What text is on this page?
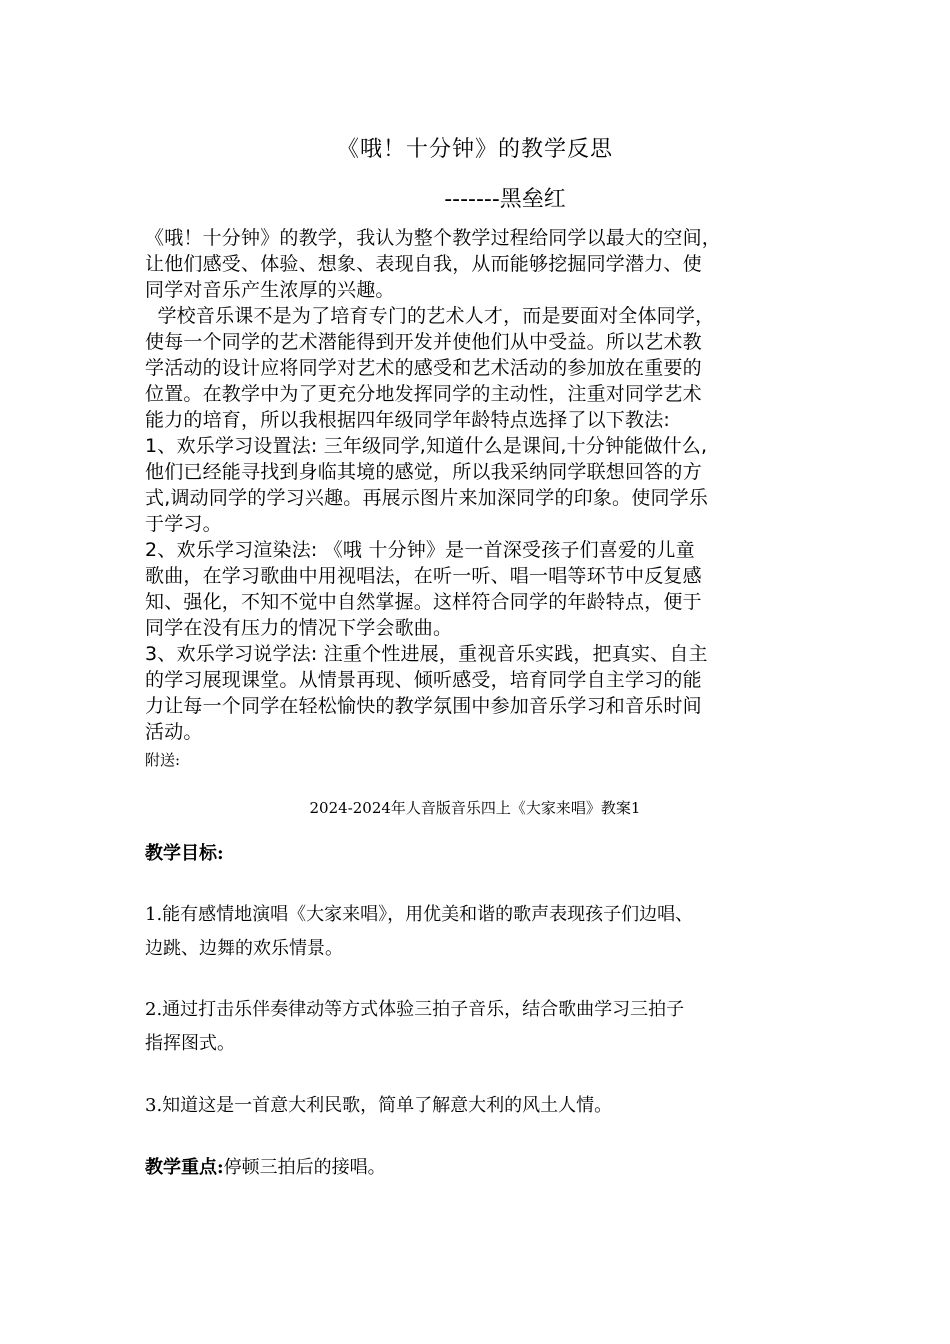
《哦！十分钟》的教学反思
-------黑垒红
《哦！十分钟》的教学，我认为整个教学过程给同学以最大的空间，
让他们感受、体验、想象、表现自我，从而能够挖掘同学潜力、使
同学对音乐产生浓厚的兴趣。
学校音乐课不是为了培育专门的艺术人才，而是要面对全体同学，
使每一个同学的艺术潜能得到开发并使他们从中受益。所以艺术教
学活动的设计应将同学对艺术的感受和艺术活动的参加放在重要的
位置。在教学中为了更充分地发挥同学的主动性，注重对同学艺术
能力的培育，所以我根据四年级同学年龄特点选择了以下教法:
1、欢乐学习设置法: 三年级同学,知道什么是课间,十分钟能做什么,
他们已经能寻找到身临其境的感觉，所以我采纳同学联想回答的方
式,调动同学的学习兴趣。再展示图片来加深同学的印象。使同学乐
于学习。
2、欢乐学习渲染法: 《哦 十分钟》是一首深受孩子们喜爱的儿童
歌曲，在学习歌曲中用视唱法，在听一听、唱一唱等环节中反复感
知、强化，不知不觉中自然掌握。这样符合同学的年龄特点，便于
同学在没有压力的情况下学会歌曲。
3、欢乐学习说学法: 注重个性进展，重视音乐实践，把真实、自主
的学习展现课堂。从情景再现、倾听感受，培育同学自主学习的能
力让每一个同学在轻松愉快的教学氛围中参加音乐学习和音乐时间
活动。
附送:
2024-2024年人音版音乐四上《大家来唱》教案1
教学目标:
1.能有感情地演唱《大家来唱》，用优美和谐的歌声表现孩子们边唱、
边跳、边舞的欢乐情景。
2.通过打击乐伴奏律动等方式体验三拍子音乐，结合歌曲学习三拍子
指挥图式。
3.知道这是一首意大利民歌，简单了解意大利的风土人情。
教学重点:停顿三拍后的接唱。
